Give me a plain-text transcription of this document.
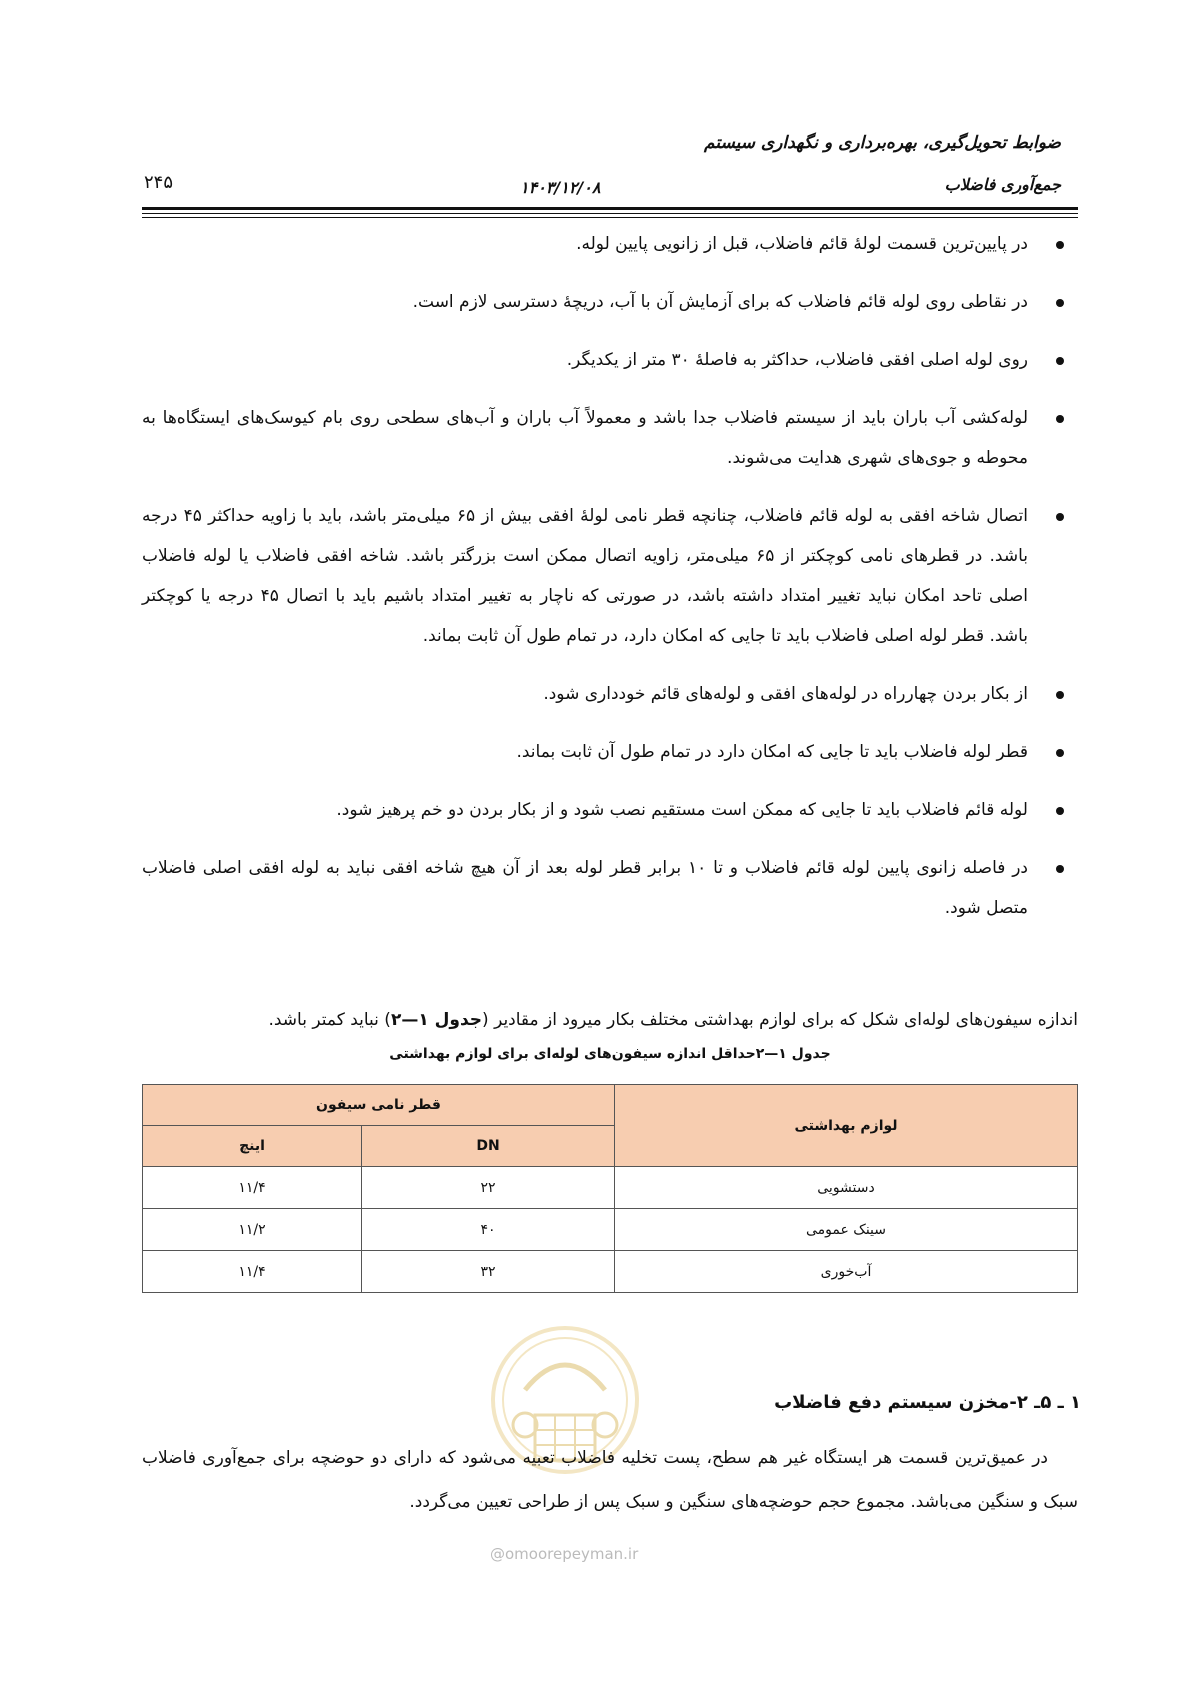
ضوابط تحویل‌گیری، بهره‌برداری و نگهداری سیستم
جمع‌آوری فاضلاب
۱۴۰۳/۱۲/۰۸
۲۴۵
در پایین‌ترین قسمت لولهٔ قائم فاضلاب، قبل از زانویی پایین لوله.
در نقاطی روی لوله قائم فاضلاب که برای آزمایش آن با آب، دریچهٔ دسترسی لازم است.
روی لوله اصلی افقی فاضلاب، حداکثر به فاصلهٔ ۳۰ متر از یکدیگر.
لوله‌کشی آب باران باید از سیستم فاضلاب جدا باشد و معمولاً آب باران و آب‌های سطحی روی بام کیوسک‌های ایستگاه‌ها به محوطه و جوی‌های شهری هدایت می‌شوند.
اتصال شاخه افقی به لوله قائم فاضلاب، چنانچه قطر نامی لولهٔ افقی بیش از ۶۵ میلی‌متر باشد، باید با زاویه حداکثر ۴۵ درجه باشد. در قطرهای نامی کوچکتر از ۶۵ میلی‌متر، زاویه اتصال ممکن است بزرگتر باشد. شاخه افقی فاضلاب یا لوله فاضلاب اصلی تاحد امکان نباید تغییر امتداد داشته باشد، در صورتی که ناچار به تغییر امتداد باشیم باید با اتصال ۴۵ درجه یا کوچکتر باشد. قطر لوله اصلی فاضلاب باید تا جایی که امکان دارد، در تمام طول آن ثابت بماند.
از بکار بردن چهارراه در لوله‌های افقی و لوله‌های قائم خودداری شود.
قطر لوله فاضلاب باید تا جایی که امکان دارد در تمام طول آن ثابت بماند.
لوله قائم فاضلاب باید تا جایی که ممکن است مستقیم نصب شود و از بکار بردن دو خم پرهیز شود.
در فاصله زانوی پایین لوله قائم فاضلاب و تا ۱۰ برابر قطر لوله بعد از آن هیچ شاخه افقی نباید به لوله افقی اصلی فاضلاب متصل شود.
اندازه سیفون‌های لوله‌ای شکل که برای لوازم بهداشتی مختلف بکار میرود از مقادیر (جدول ۱—۲) نباید کمتر باشد.
جدول ۱—۲حداقل اندازه سیفون‌های لوله‌ای برای لوازم بهداشتی
لوازم بهداشتی	قطر نامی سیفون	
	DN	اینچ
دستشویی	۲۲	۱۱/۴
سینک عمومی	۴۰	۱۱/۲
آب‌خوری	۳۲	۱۱/۴
@omoorepeyman.ir
۱ ـ ۵ـ ۲-مخزن سیستم دفع فاضلاب
در عمیق‌ترین قسمت هر ایستگاه غیر هم سطح، پست تخلیه فاضلاب تعبیه می‌شود که دارای دو حوضچه برای جمع‌آوری فاضلاب سبک و سنگین می‌باشد. مجموع حجم حوضچه‌های سنگین و سبک پس از طراحی تعیین می‌گردد.
